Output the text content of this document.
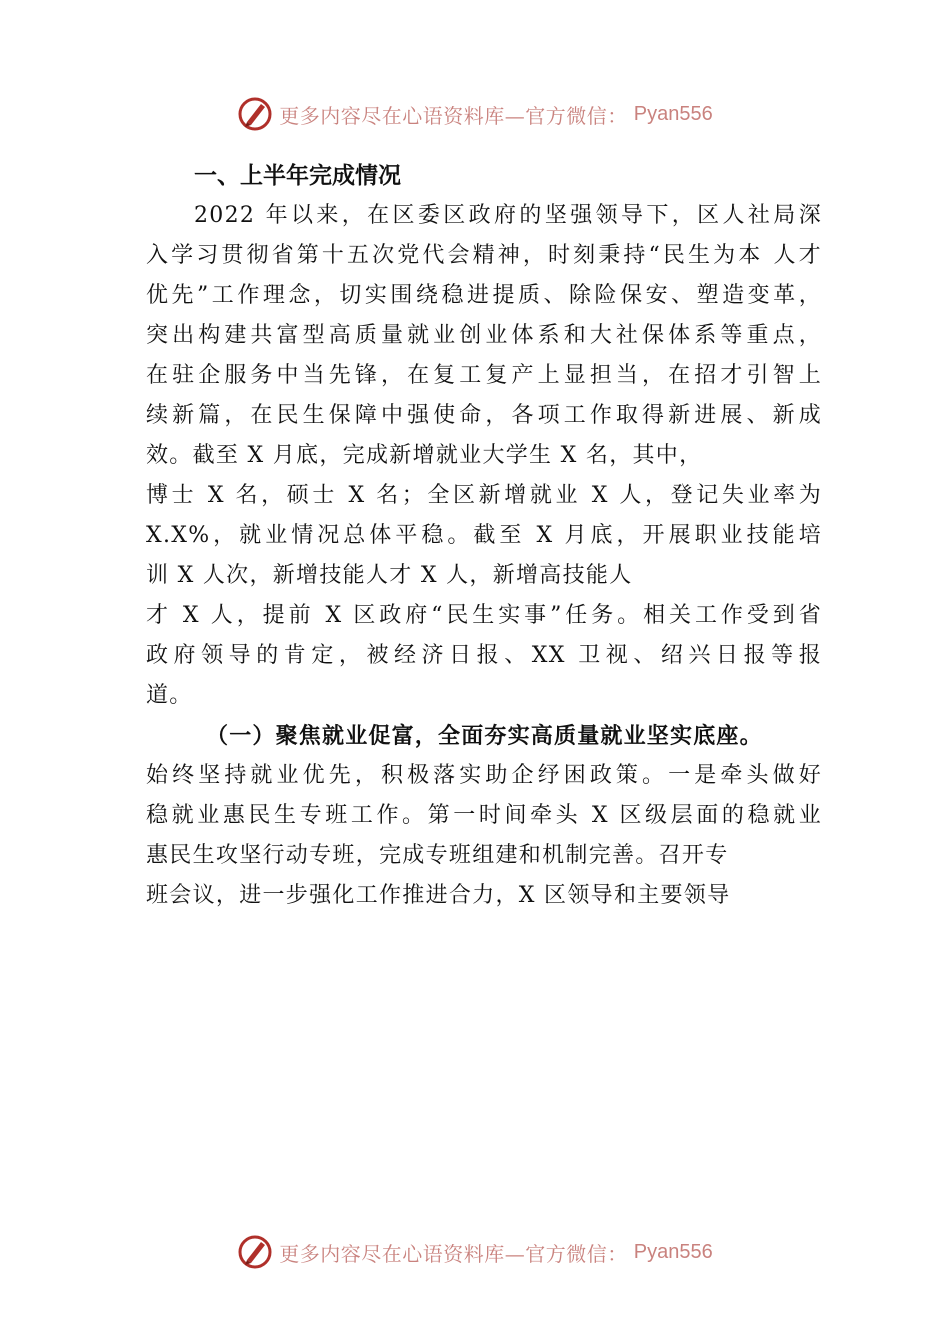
更多内容尽在心语资料库—官方微信： Pyan556
一、上半年完成情况
2022 年以来，在区委区政府的坚强领导下，区人社局深
入学习贯彻省第十五次党代会精神，时刻秉持“民生为本 人才
优先”工作理念，切实围绕稳进提质、除险保安、塑造变革，
突出构建共富型高质量就业创业体系和大社保体系等重点，
在驻企服务中当先锋，在复工复产上显担当，在招才引智上
续新篇，在民生保障中强使命，各项工作取得新进展、新成
效。截至 X 月底，完成新增就业大学生 X 名，其中，
博士 X 名，硕士 X 名；全区新增就业 X 人，登记失业率为
X.X%，就业情况总体平稳。截至 X 月底，开展职业技能培
训 X 人次，新增技能人才 X 人，新增高技能人
才 X 人，提前 X 区政府“民生实事”任务。相关工作受到省
政府领导的肯定，被经济日报、XX 卫视、绍兴日报等报
道。
（一）聚焦就业促富，全面夯实高质量就业坚实底座。
始终坚持就业优先，积极落实助企纾困政策。一是牵头做好
稳就业惠民生专班工作。第一时间牵头 X 区级层面的稳就业
惠民生攻坚行动专班，完成专班组建和机制完善。召开专
班会议，进一步强化工作推进合力，X 区领导和主要领导
更多内容尽在心语资料库—官方微信： Pyan556
